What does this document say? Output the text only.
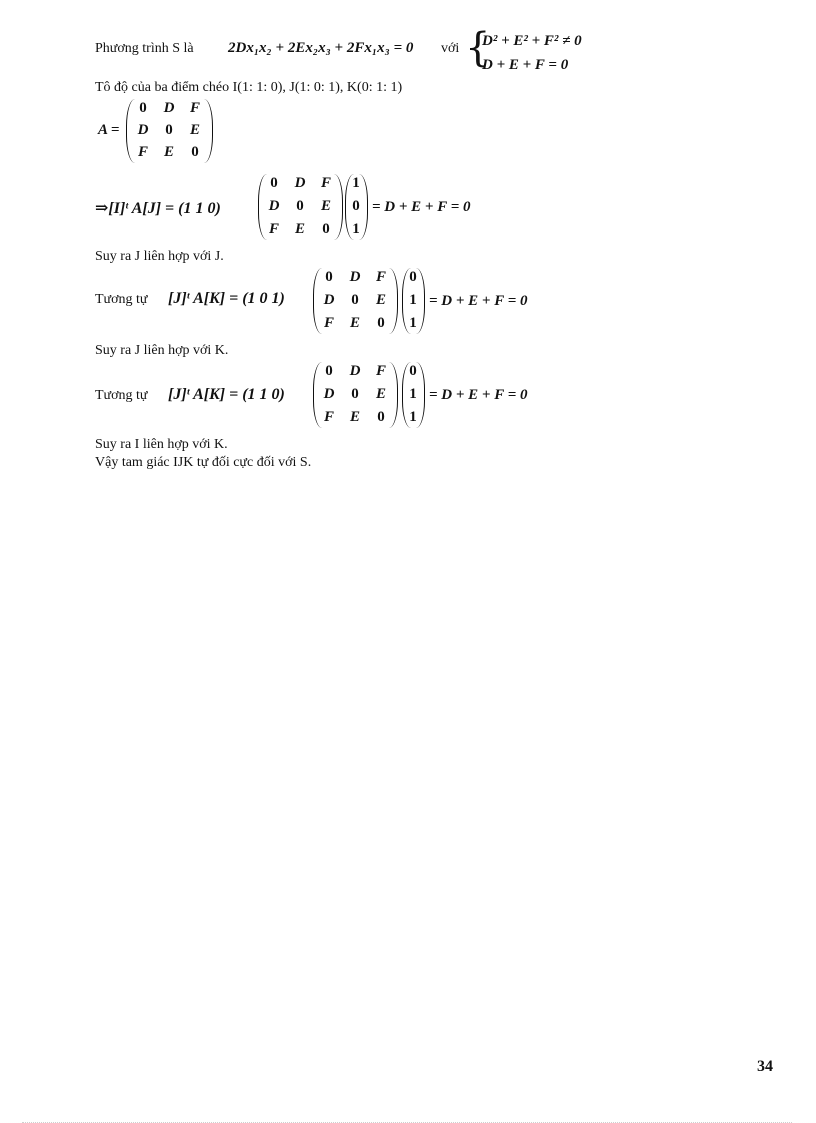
Phương trình S là 2Dx₁x₂ + 2Ex₂x₃ + 2Fx₁x₃ = 0 với {
D² + E² + F² ≠ 0
D + E + F = 0
Tô độ của ba điểm chéo I(1: 1: 0), J(1: 0: 1), K(0: 1: 1)
A =
0	D	F
D	0	E
F	E	0
⇒[I]ᵗ A[J] = (1 1 0)
0	D	F
D	0	E
F	E	0
1
0
1
= D + E + F = 0
Suy ra J liên hợp với J.
Tương tự [J]ᵗ A[K] = (1 0 1)
0	D	F
D	0	E
F	E	0
0
1
1
= D + E + F = 0
Suy ra J liên hợp với K.
Tương tự [J]ᵗ A[K] = (1 1 0)
0	D	F
D	0	E
F	E	0
0
1
1
= D + E + F = 0
Suy ra I liên hợp với K.
Vậy tam giác IJK tự đối cực đối với S.
34
